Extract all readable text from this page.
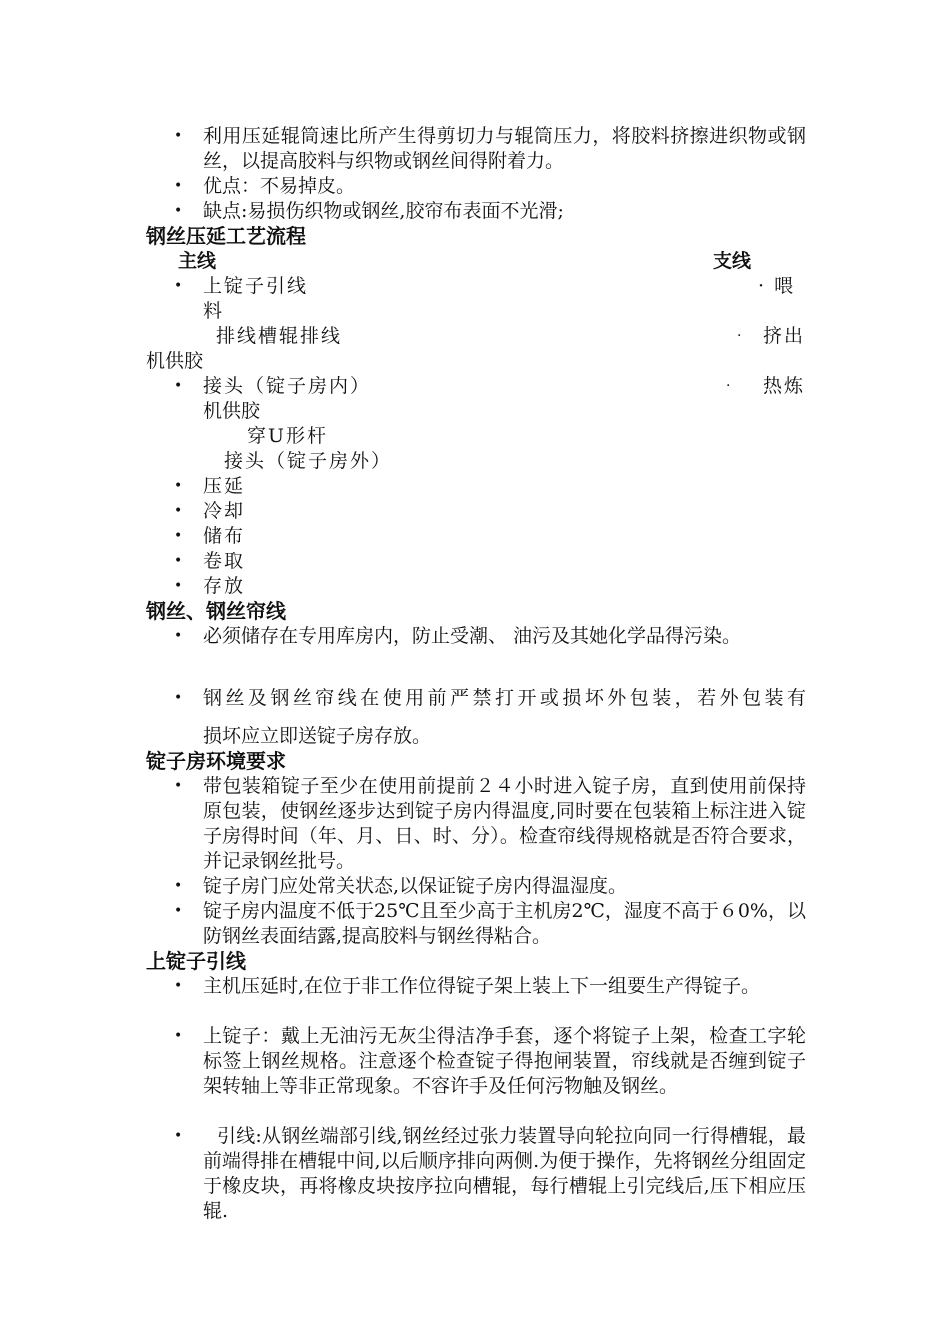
• 利用压延辊筒速比所产生得剪切力与辊筒压力，将胶料挤擦进织物或钢丝，以提高胶料与织物或钢丝间得附着力。
• 优点：不易掉皮。
• 缺点:易损伤织物或钢丝,胶帘布表面不光滑;
钢丝压延工艺流程
主线	支线
• 上锭子引线	· 喂
料
排线槽辊排线	· 挤出
机供胶
• 接头（锭子房内）	· 热炼
机供胶
穿U形杆
接头（锭子房外）
• 压延
• 冷却
• 储布
• 卷取
• 存放
钢丝、钢丝帘线
• 必须储存在专用库房内，防止受潮、 油污及其她化学品得污染。
• 钢丝及钢丝帘线在使用前严禁打开或损坏外包装，若外包装有
损坏应立即送锭子房存放。
锭子房环境要求
• 带包装箱锭子至少在使用前提前２４小时进入锭子房，直到使用前保持原包装，使钢丝逐步达到锭子房内得温度,同时要在包装箱上标注进入锭子房得时间（年、月、日、时、分）。检查帘线得规格就是否符合要求，并记录钢丝批号。
• 锭子房门应处常关状态,以保证锭子房内得温湿度。
• 锭子房内温度不低于25℃且至少高于主机房2℃，湿度不高于６0%，以防钢丝表面结露,提高胶料与钢丝得粘合。
上锭子引线
• 主机压延时,在位于非工作位得锭子架上装上下一组要生产得锭子。
• 上锭子：戴上无油污无灰尘得洁净手套，逐个将锭子上架，检查工字轮标签上钢丝规格。注意逐个检查锭子得抱闸装置，帘线就是否缠到锭子架转轴上等非正常现象。不容许手及任何污物触及钢丝。
•	引线:从钢丝端部引线,钢丝经过张力装置导向轮拉向同一行得槽辊，最前端得排在槽辊中间,以后顺序排向两侧.为便于操作，先将钢丝分组固定于橡皮块，再将橡皮块按序拉向槽辊，每行槽辊上引完线后,压下相应压辊.
